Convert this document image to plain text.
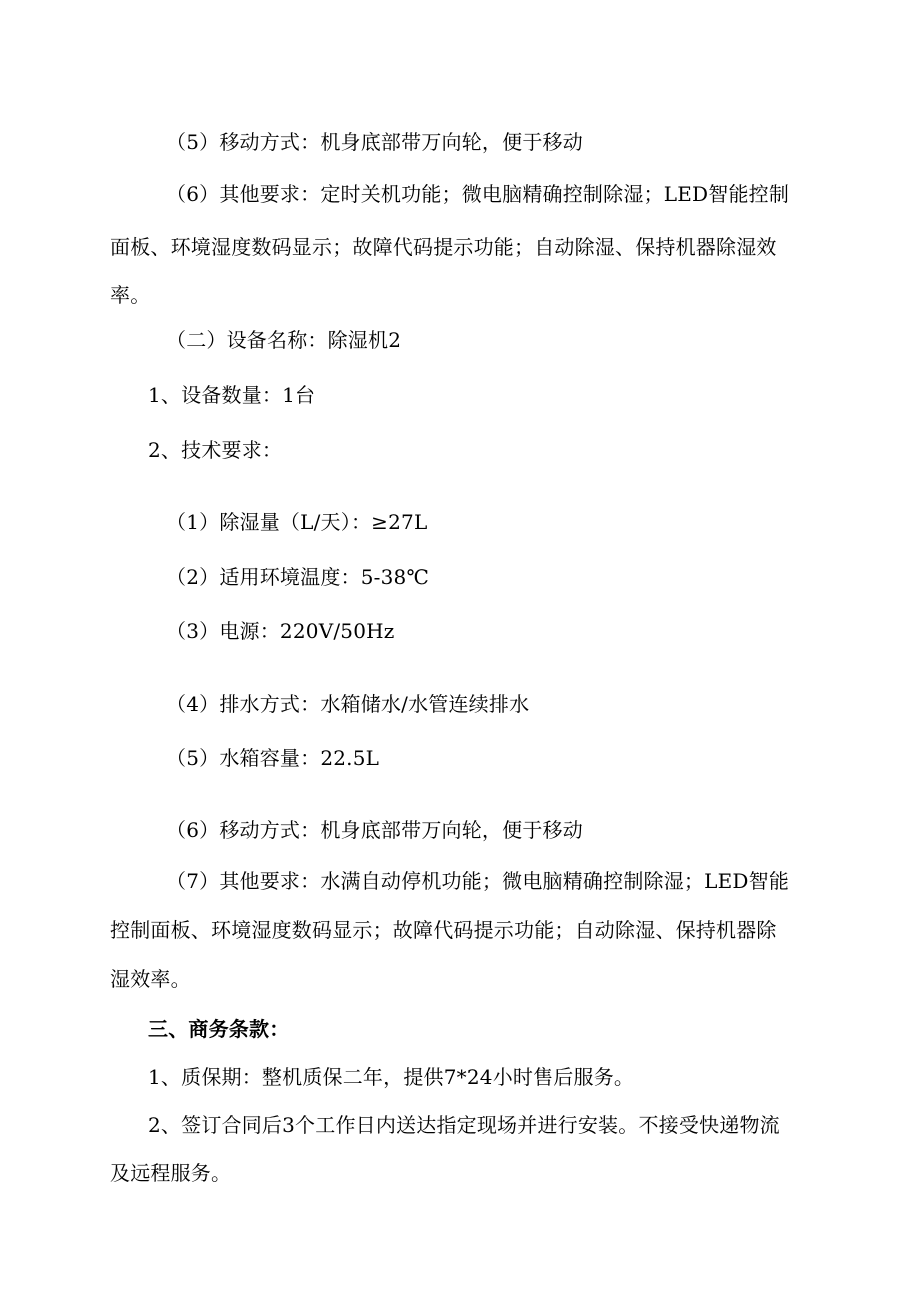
（5）移动方式：机身底部带万向轮，便于移动
（6）其他要求：定时关机功能；微电脑精确控制除湿；LED智能控制
面板、环境湿度数码显示；故障代码提示功能；自动除湿、保持机器除湿效
率。
（二）设备名称：除湿机2
1、设备数量：1台
2、技术要求：
（1）除湿量（L/天）：≥27L
（2）适用环境温度：5-38℃
（3）电源：220V/50Hz
（4）排水方式：水箱储水/水管连续排水
（5）水箱容量：22.5L
（6）移动方式：机身底部带万向轮，便于移动
（7）其他要求：水满自动停机功能；微电脑精确控制除湿；LED智能
控制面板、环境湿度数码显示；故障代码提示功能；自动除湿、保持机器除
湿效率。
三、商务条款：
1、质保期：整机质保二年，提供7*24小时售后服务。
2、签订合同后3个工作日内送达指定现场并进行安装。不接受快递物流
及远程服务。
